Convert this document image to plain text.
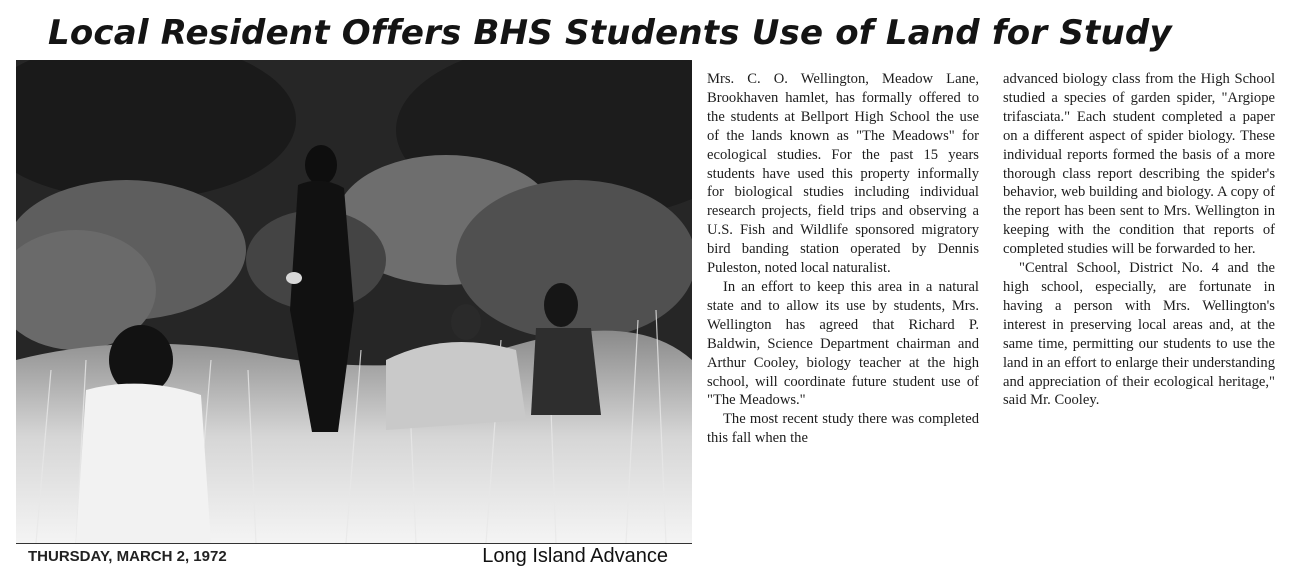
Local Resident Offers BHS Students Use of Land for Study
THURSDAY, MARCH 2, 1972	Long Island Advance

Mrs. C. O. Wellington, Meadow Lane, Brookhaven hamlet, has formally offered to the students at Bellport High School the use of the lands known as "The Meadows" for ecological studies. For the past 15 years students have used this property informally for biological studies including individual research projects, field trips and observing a U.S. Fish and Wildlife sponsored migratory bird banding station operated by Dennis Puleston, noted local naturalist.

In an effort to keep this area in a natural state and to allow its use by students, Mrs. Wellington has agreed that Richard P. Baldwin, Science Department chairman and Arthur Cooley, biology teacher at the high school, will coordinate future student use of "The Meadows."

The most recent study there was completed this fall when the

advanced biology class from the High School studied a species of garden spider, "Argiope trifasciata." Each student completed a paper on a different aspect of spider biology. These individual reports formed the basis of a more thorough class report describing the spider's behavior, web building and biology. A copy of the report has been sent to Mrs. Wellington in keeping with the condition that reports of completed studies will be forwarded to her.

"Central School, District No. 4 and the high school, especially, are fortunate in having a person with Mrs. Wellington's interest in preserving local areas and, at the same time, permitting our students to use the land in an effort to enlarge their understanding and appreciation of their ecological heritage," said Mr. Cooley.
